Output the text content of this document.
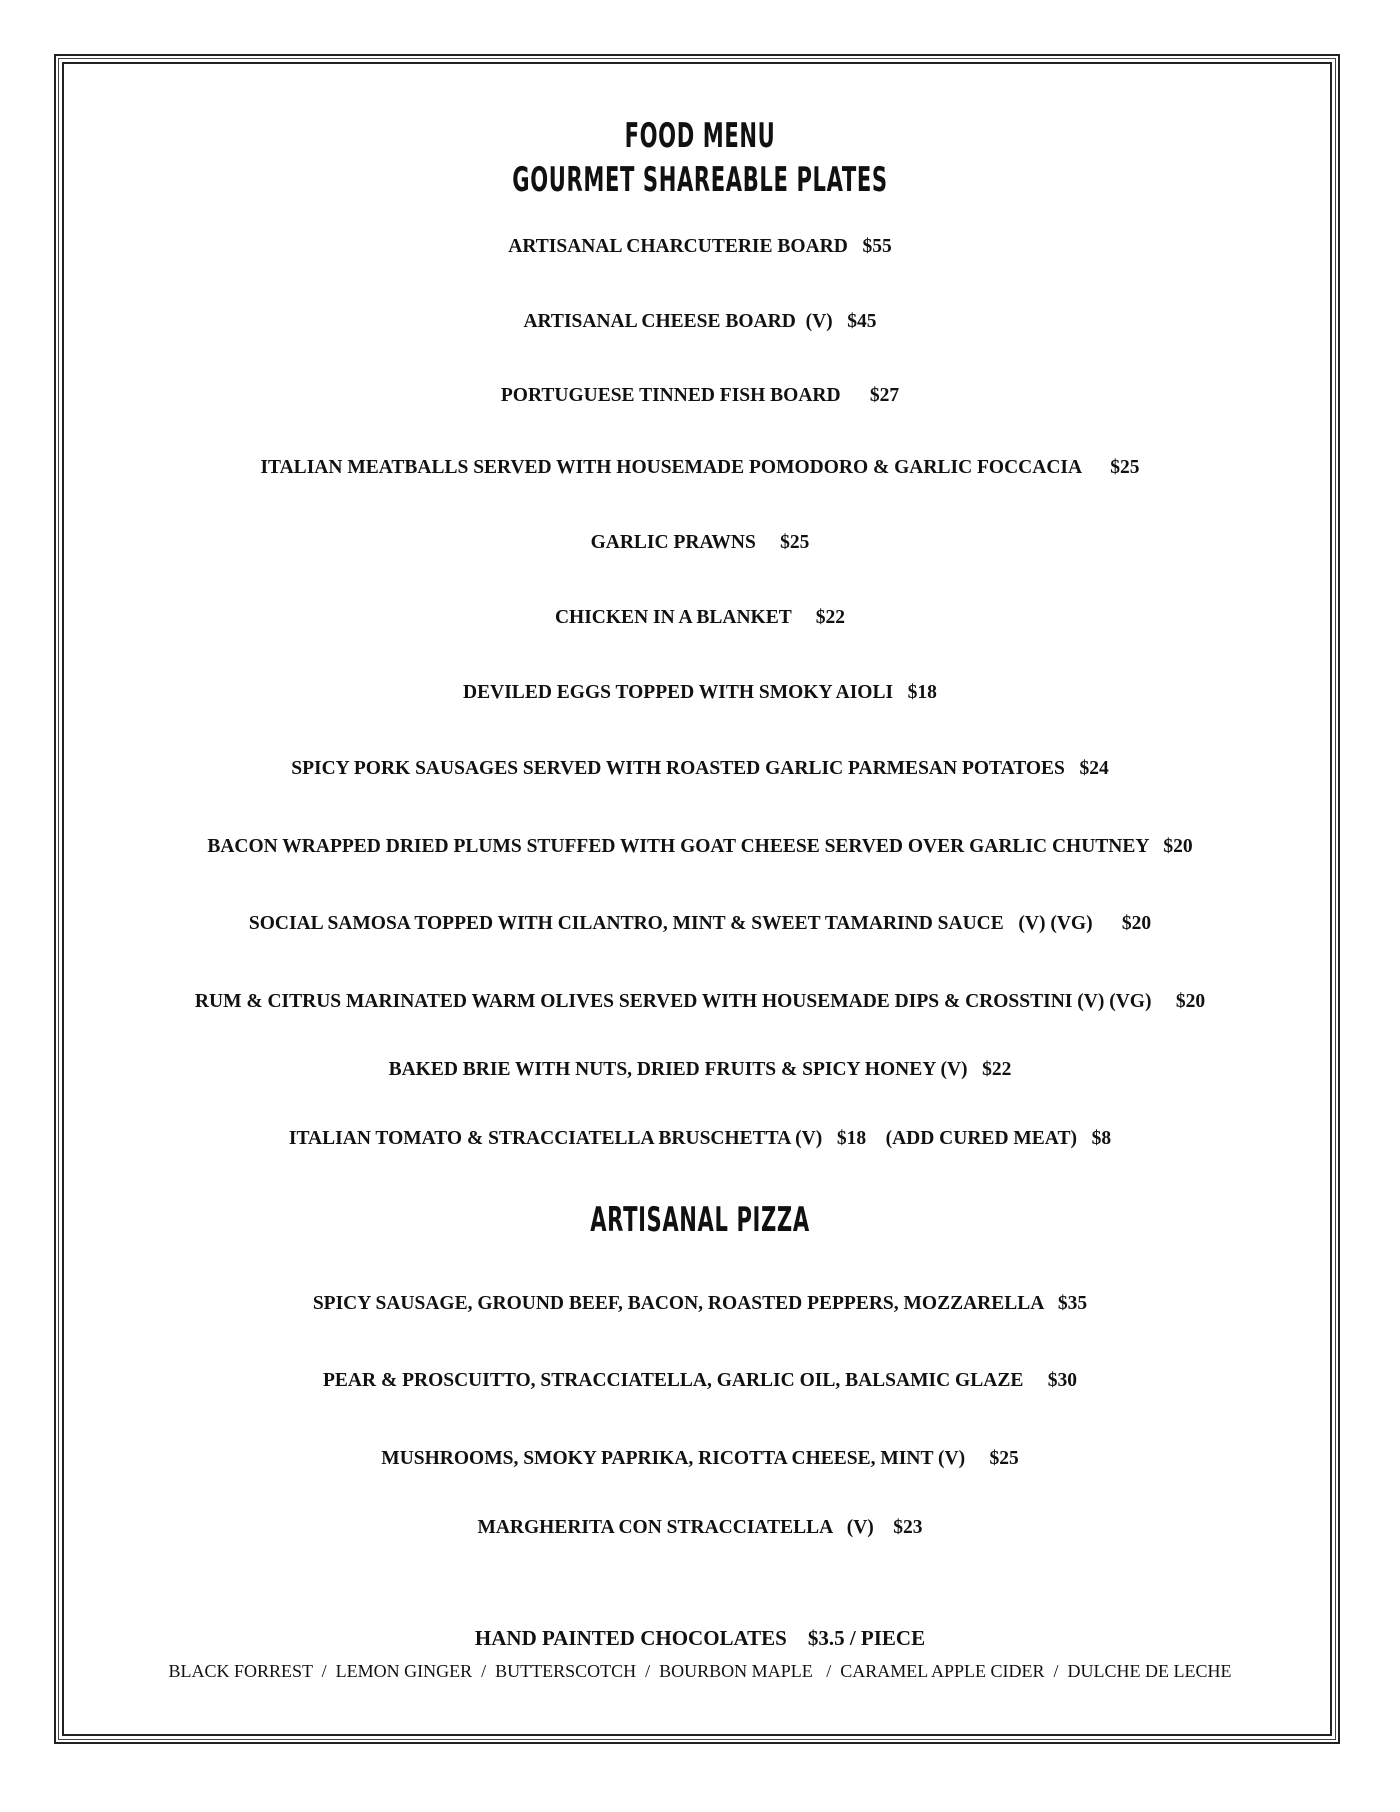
FOOD MENU
GOURMET SHAREABLE PLATES
ARTISANAL CHARCUTERIE BOARD   $55
ARTISANAL CHEESE BOARD  (V)   $45
PORTUGUESE TINNED FISH BOARD      $27
ITALIAN MEATBALLS SERVED WITH HOUSEMADE POMODORO & GARLIC FOCCACIA      $25
GARLIC PRAWNS     $25
CHICKEN IN A BLANKET     $22
DEVILED EGGS TOPPED WITH SMOKY AIOLI   $18
SPICY PORK SAUSAGES SERVED WITH ROASTED GARLIC PARMESAN POTATOES   $24
BACON WRAPPED DRIED PLUMS STUFFED WITH GOAT CHEESE SERVED OVER GARLIC CHUTNEY   $20
SOCIAL SAMOSA TOPPED WITH CILANTRO, MINT & SWEET TAMARIND SAUCE   (V) (VG)      $20
RUM & CITRUS MARINATED WARM OLIVES SERVED WITH HOUSEMADE DIPS & CROSSTINI (V) (VG)     $20
BAKED BRIE WITH NUTS, DRIED FRUITS & SPICY HONEY (V)   $22
ITALIAN TOMATO & STRACCIATELLA BRUSCHETTA (V)   $18    (ADD CURED MEAT)   $8
ARTISANAL PIZZA
SPICY SAUSAGE, GROUND BEEF, BACON, ROASTED PEPPERS, MOZZARELLA   $35
PEAR & PROSCUITTO, STRACCIATELLA, GARLIC OIL, BALSAMIC GLAZE     $30
MUSHROOMS, SMOKY PAPRIKA, RICOTTA CHEESE, MINT (V)     $25
MARGHERITA CON STRACCIATELLA   (V)    $23
HAND PAINTED CHOCOLATES    $3.5 / PIECE
BLACK FORREST  /  LEMON GINGER  /  BUTTERSCOTCH  /  BOURBON MAPLE   /  CARAMEL APPLE CIDER  /  DULCHE DE LECHE
